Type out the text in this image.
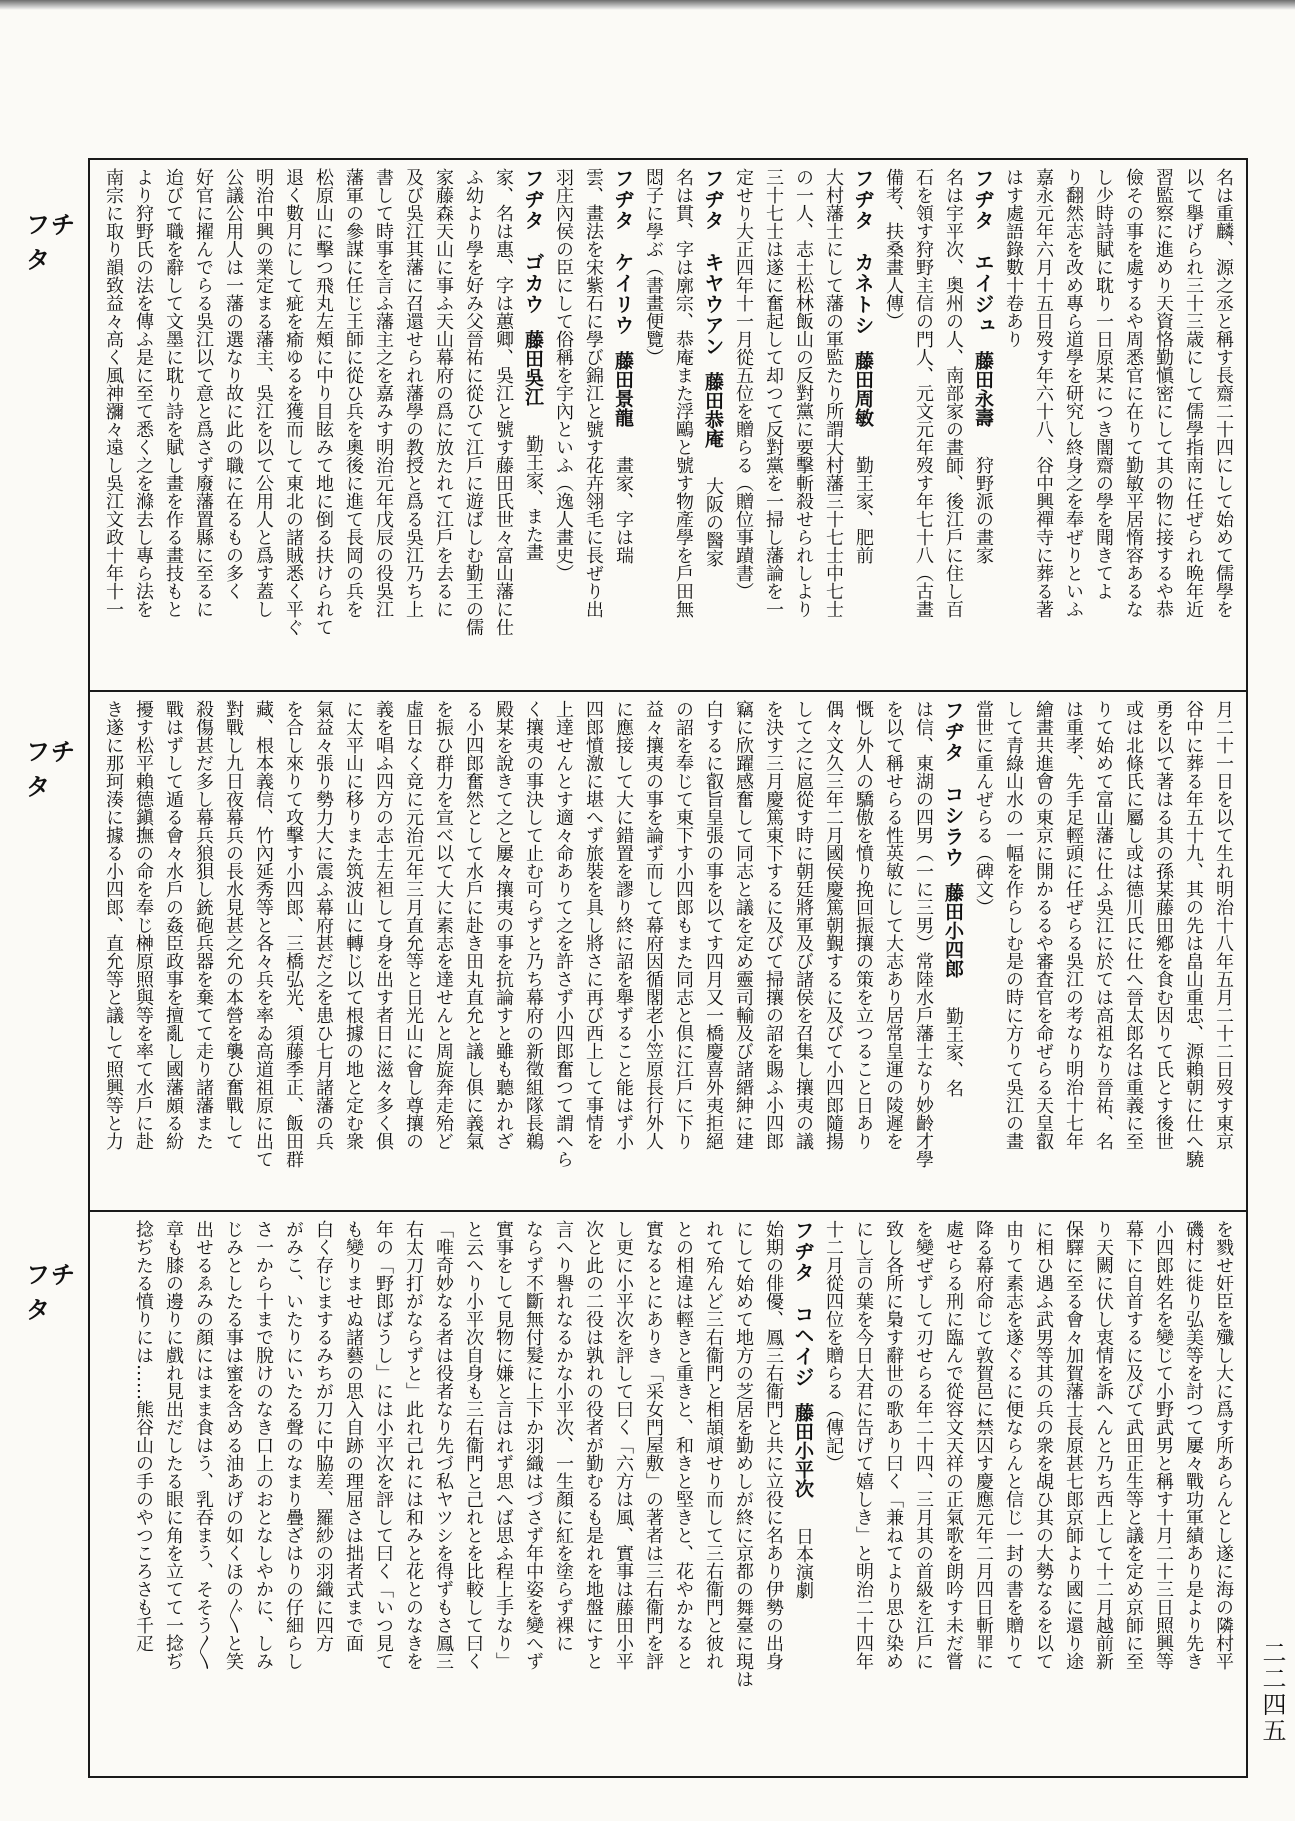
フチタ
フチタ
フチタ
名は重麟、源之丞と稱す長齋二十四にして始めて儒學を
以て擧げられ三十三歳にして儒學指南に任ぜられ晩年近
習監察に進めり天資恪勤愼密にして其の物に接するや恭
儉その事を處するや周悉官に在りて勤敏平居惰容あるな
し少時詩賦に耽り一日原某につき闇齋の學を聞きてよ
り翻然志を改め專ら道學を研究し終身之を奉ぜりといふ
嘉永元年六月十五日歿す年六十八、谷中興禪寺に葬る著
はす處語錄數十卷あり
フヂタ　エイジュ藤田永壽狩野派の畫家
名は宇平次、奥州の人、南部家の畫師、後江戶に住し百
石を領す狩野主信の門人、元文元年歿す年七十八（古畫
備考、扶桑畫人傳）
フヂタ　カネトシ藤田周敏勤王家、肥前
大村藩士にして藩の軍監たり所謂大村藩三十七士中七士
の一人、志士松林飯山の反對黨に要擊斬殺せられしより
三十七士は遂に奮起して却つて反對黨を一掃し藩論を一
定せり大正四年十一月從五位を贈らる（贈位事蹟書）
フヂタ　キヤウアン藤田恭庵大阪の醫家
名は貫、字は廓宗、恭庵また浮鷗と號す物產學を戶田無
悶子に學ぶ（書畫便覽）
フヂタ　ケイリウ藤田景龍畫家、字は瑞
雲、畫法を宋紫石に學び錦江と號す花卉翎毛に長ぜり出
羽庄內侯の臣にして俗稱を宇內といふ（逸人畫史）
フヂタ　ゴカウ藤田吳江勤王家、また畫
家、名は惠、字は蕙卿、吳江と號す藤田氏世々富山藩に仕
ふ幼より學を好み父晉祐に從ひて江戶に遊ばしむ勤王の儒
家藤森天山に事ふ天山幕府の爲に放たれて江戶を去るに
及び吳江其藩に召還せられ藩學の教授と爲る吳江乃ち上
書して時事を言ふ藩主之を嘉みす明治元年戊辰の役吳江
藩軍の參謀に任じ王師に從ひ兵を奧後に進て長岡の兵を
松原山に擊つ飛丸左頰に中り目眩みて地に倒る扶けられて
退く數月にして疵を瘉ゆるを獲而して東北の諸賊悉く平ぐ
明治中興の業定まる藩主、吳江を以て公用人と爲す蓋し
公議公用人は一藩の選なり故に此の職に在るもの多く
好官に擢んでらる吳江以て意と爲さず廢藩置縣に至るに
迨びて職を辭して文墨に耽り詩を賦し畫を作る畫技もと
より狩野氏の法を傳ふ是に至て悉く之を滌去し專ら法を
南宗に取り韻致益々高く風神瀰々遠し吳江文政十年十一
月二十一日を以て生れ明治十八年五月二十二日歿す東京
谷中に葬る年五十九、其の先は畠山重忠、源賴朝に仕へ驍
勇を以て著はる其の孫某藤田鄕を食む因りて氏とす後世
或は北條氏に屬し或は德川氏に仕へ晉太郎名は重義に至
りて始めて富山藩に仕ふ吳江に於ては高祖なり晉祐、名
は重孝、先手足輕頭に任ぜらる吳江の考なり明治十七年
繪畫共進會の東京に開かるるや審査官を命ぜらる天皇叡
して青綠山水の一幅を作らしむ是の時に方りて吳江の畫
當世に重んぜらる（碑文）
フヂタ　コシラウ藤田小四郎勤王家、名
は信、東湖の四男（一に三男）常陸水戶藩士なり妙齡才學
を以て稱せらる性英敏にして大志あり居常皇運の陵遲を
慨し外人の驕傲を憤り挽回振攘の策を立つること日あり
偶々文久三年二月國侯慶篤朝覲するに及びて小四郎隨揚
して之に扈從す時に朝廷將軍及び諸侯を召集し攘夷の議
を決す三月慶篤東下するに及びて掃攘の詔を賜ふ小四郎
竊に欣躍感奮して同志と議を定め靈司輸及び諸縉紳に建
白するに叡旨皇張の事を以てす四月又一橋慶喜外夷拒絕
の詔を奉じて東下す小四郎もまた同志と倶に江戶に下り
益々攘夷の事を論ず而して幕府因循閣老小笠原長行外人
に應接して大に錯置を謬り終に詔を舉ずること能はず小
四郎憤激に堪へず旅裝を具し將さに再び西上して事情を
上達せんとす適々命ありて之を許さず小四郎奮つて謂へら
く攘夷の事決して止む可らずと乃ち幕府の新徵組隊長鵜
殿某を說きて之と屢々攘夷の事を抗論すと雖も聽かれざ
る小四郎奮然として水戶に赴き田丸直允と議し俱に義氣
を振ひ群力を宣べ以て大に素志を達せんと周旋奔走殆ど
虛日なく竟に元治元年三月直允等と日光山に會し尊攘の
義を唱ふ四方の志士左袒して身を出す者日に滋々多く俱
に太平山に移りまた筑波山に轉じ以て根據の地と定む衆
氣益々張り勢力大に震ふ幕府甚だ之を患ひ七月諸藩の兵
を合し來りて攻擊す小四郎、三橋弘光、須藤季正、飯田群
藏、根本義信、竹內延秀等と各々兵を率ゐ高道祖原に出て
對戰し九日夜幕兵の長水見甚之允の本營を襲ひ奮戰して
殺傷甚だ多し幕兵狼狽し銃砲兵器を棄てて走り諸藩また
戰はずして遁る會々水戶の姦臣政事を擅亂し國藩頗る紛
擾す松平賴德鎭撫の命を奉じ榊原照與等を率て水戶に赴
き遂に那珂湊に據る小四郎、直允等と議して照興等と力
を戮せ奸臣を殲し大に爲す所あらんとし遂に海の隣村平
磯村に徙り弘美等を討つて屢々戰功軍績あり是より先き
小四郎姓名を變じて小野武男と稱す十月二十三日照興等
幕下に自首するに及びて武田正生等と議を定め京師に至
り天闕に伏し衷情を訴へんと乃ち西上して十二月越前新
保驛に至る會々加賀藩士長原甚七郎京師より國に還り途
に相ひ遇ふ武男等其の兵の衆を覘ひ其の大勢なるを以て
由りて素志を遂ぐるに便ならんと信じ一封の書を贈りて
降る幕府命じて敦賀邑に禁囚す慶應元年二月四日斬罪に
處せらる刑に臨んで從容文天祥の正氣歌を朗吟す未だ嘗
を變ぜずして刃せらる年二十四、三月其の首級を江戶に
致し各所に梟す辭世の歌あり曰く「兼ねてより思ひ染め
にし言の葉を今日大君に告げて嬉しき」と明治二十四年
十二月從四位を贈らる（傳記）
フヂタ　コヘイジ藤田小平次日本演劇
始期の俳優、鳳三右衞門と共に立役に名あり伊勢の出身
にして始めて地方の芝居を勤めしが終に京都の舞臺に現は
れて殆んど三右衞門と相頡頏せり而して三右衞門と彼れ
との相違は輕きと重きと、和きと堅きと、花やかなると
實なるとにありき「采女門屋敷」の著者は三右衞門を評
し更に小平次を評して曰く「六方は風、實事は藤田小平
次と此の二役は孰れの役者が勤むるも是れを地盤にすと
言へり譽れなるかな小平次、一生顏に紅を塗らず裸に
ならず不斷無付髮に上下か羽織はづさず年中姿を變へず
實事をして見物に嫌と言はれず思へば思ふ程上手なり」
と云へり小平次自身も三右衞門と己れとを比較して曰く
「唯奇妙なる者は役者なり先づ私ヤツシを得ずもさ鳳三
右太刀打がならずと」此れ己れには和みと花とのなきを
年の「野郎ばうし」には小平次を評して曰く「いつ見て
も變りませぬ諸藝の思入自跡の理屈さは拙者式まで面
白く存じまするみちが刀に中脇差、羅紗の羽織に四方
がみこ、いたりにいたる聲のなまり疊ざはりの仔細らし
さ一から十まで脫けのなき口上のおとなしやかに、しみ
じみとしたる事は蜜を含める油あげの如くほの〴〵と笑
出せるゑみの顏にはまま食はう、乳吞まう、そそう〳〵
章も膝の邊りに戲れ見出だしたる眼に角を立てて一捻ぢ
捻ぢたる憤りには……熊谷山の手のやつころさも千疋
二二四五
